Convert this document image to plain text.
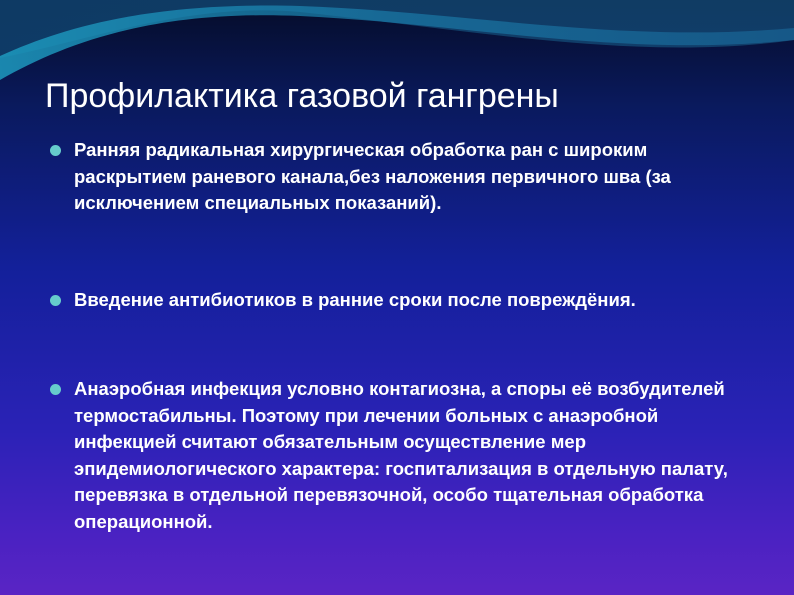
Профилактика газовой гангрены
Ранняя радикальная хирургическая обработка ран с широким раскрытием раневого канала,без наложения первичного шва (за исключением специальных показаний).
Введение антибиотиков в ранние сроки после повреждёния.
Анаэробная инфекция условно контагиозна, а споры её возбудителей термостабильны. Поэтому при лечении больных с анаэробной инфекцией считают обязательным осуществление мер эпидемиологического характера: госпитализация в отдельную палату, перевязка в отдельной перевязочной, особо тщательная обработка операционной.
